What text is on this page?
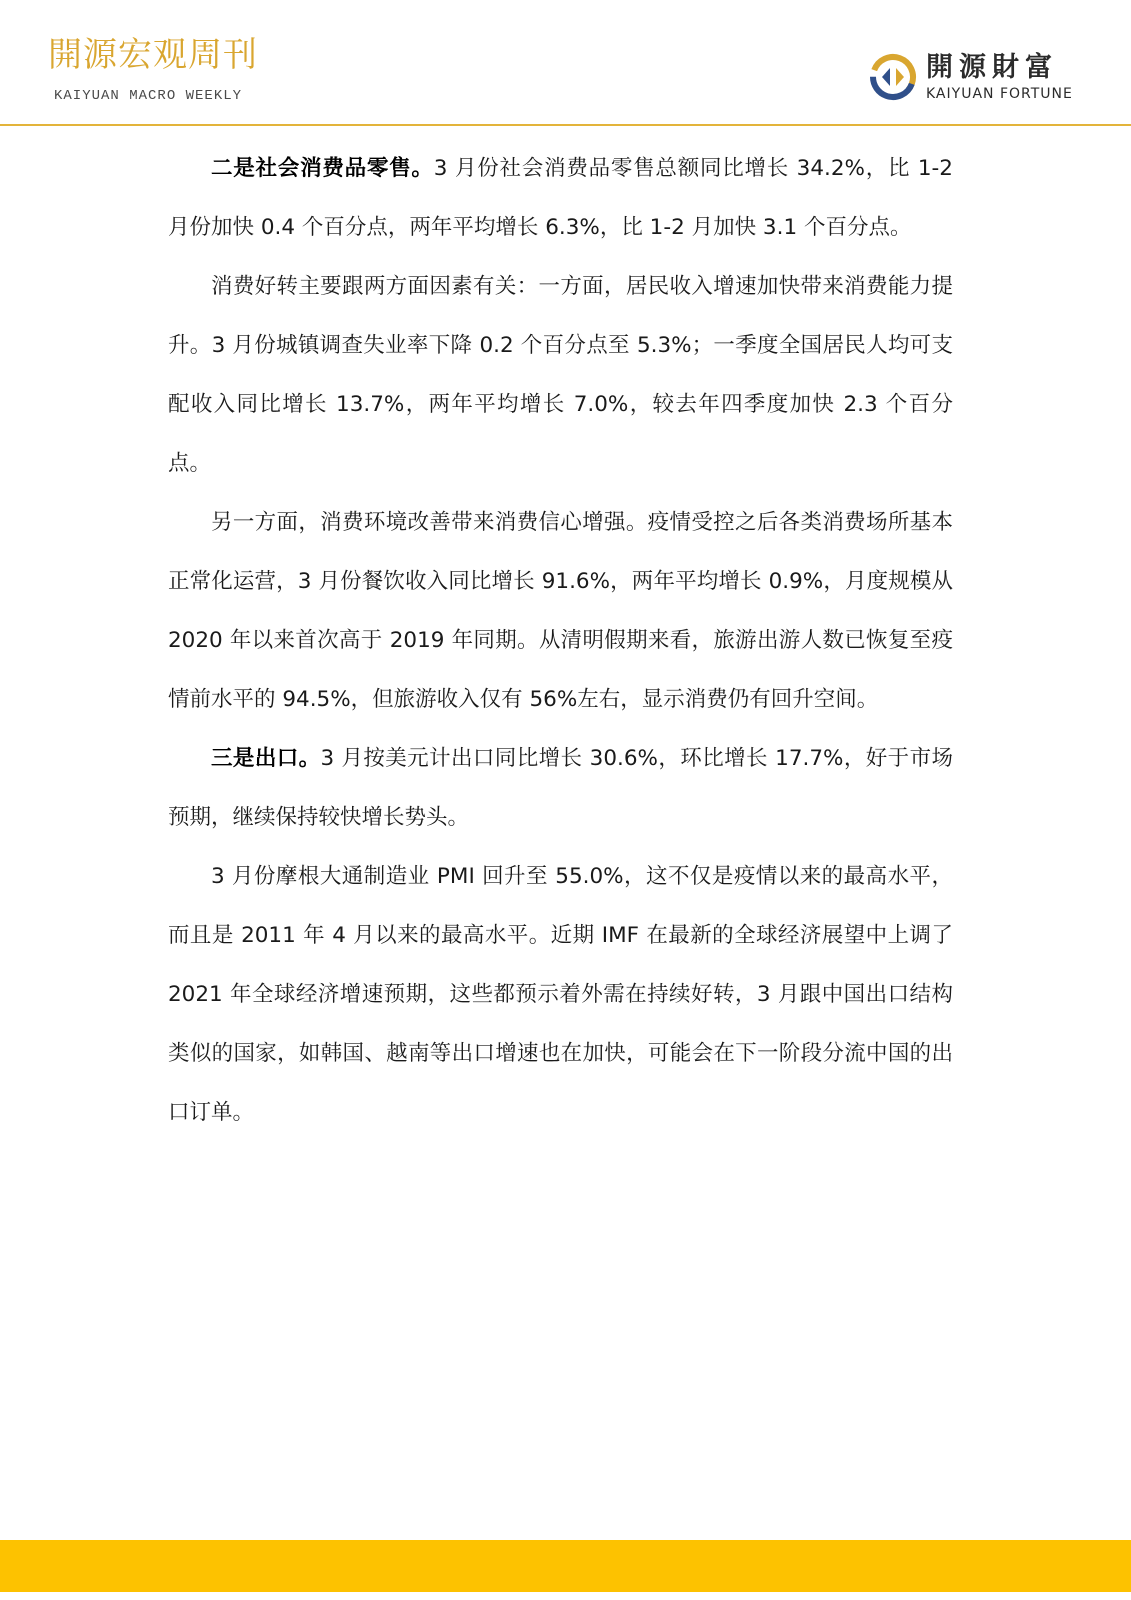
開源宏观周刊
KAIYUAN MACRO WEEKLY
開源財富
KAIYUAN FORTUNE

二是社会消费品零售。3 月份社会消费品零售总额同比增长 34.2%，比 1-2 月份加快 0.4 个百分点，两年平均增长 6.3%，比 1-2 月加快 3.1 个百分点。

消费好转主要跟两方面因素有关：一方面，居民收入增速加快带来消费能力提升。3 月份城镇调查失业率下降 0.2 个百分点至 5.3%；一季度全国居民人均可支配收入同比增长 13.7%，两年平均增长 7.0%，较去年四季度加快 2.3 个百分点。

另一方面，消费环境改善带来消费信心增强。疫情受控之后各类消费场所基本正常化运营，3 月份餐饮收入同比增长 91.6%，两年平均增长 0.9%，月度规模从 2020 年以来首次高于 2019 年同期。从清明假期来看，旅游出游人数已恢复至疫情前水平的 94.5%，但旅游收入仅有 56%左右，显示消费仍有回升空间。

三是出口。3 月按美元计出口同比增长 30.6%，环比增长 17.7%，好于市场预期，继续保持较快增长势头。

3 月份摩根大通制造业 PMI 回升至 55.0%，这不仅是疫情以来的最高水平，而且是 2011 年 4 月以来的最高水平。近期 IMF 在最新的全球经济展望中上调了 2021 年全球经济增速预期，这些都预示着外需在持续好转，3 月跟中国出口结构类似的国家，如韩国、越南等出口增速也在加快，可能会在下一阶段分流中国的出口订单。
